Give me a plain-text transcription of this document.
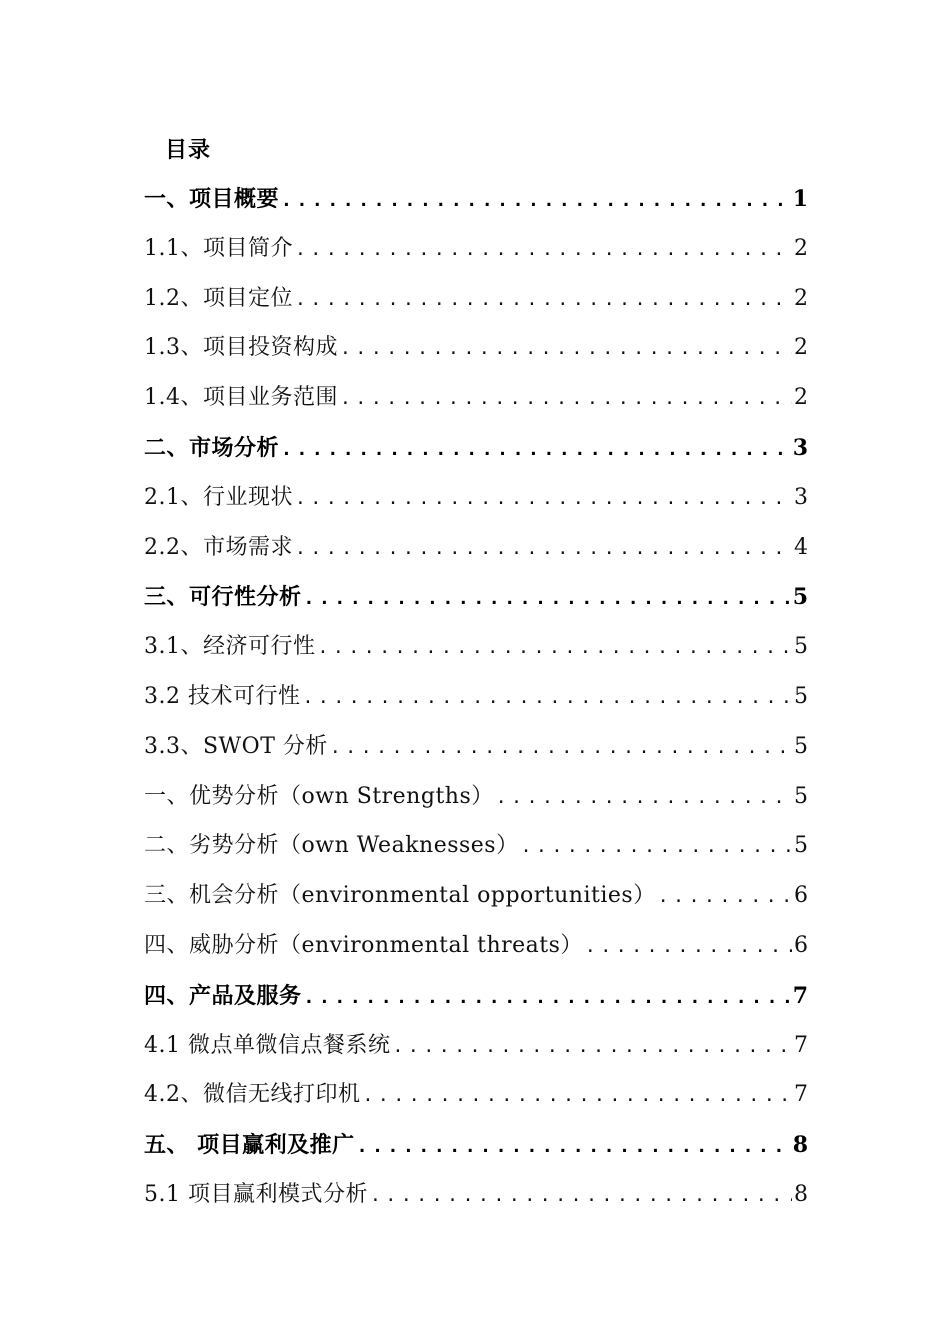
目录
一、项目概要 .....	1
1.1、项目简介 .....	2
1.2、项目定位 .....	2
1.3、项目投资构成 .....	2
1.4、项目业务范围 .....	2
二、市场分析 .....	3
2.1、行业现状 .....	3
2.2、市场需求 .....	4
三、可行性分析 .....	5
3.1、经济可行性 .....	5
3.2 技术可行性 .....	5
3.3、SWOT 分析 .....	5
一、优势分析（own Strengths） .....	5
二、劣势分析（own Weaknesses） .....	5
三、机会分析（environmental opportunities） .....	6
四、威胁分析（environmental threats） .....	6
四、产品及服务 .....	7
4.1 微点单微信点餐系统 .....	7
4.2、微信无线打印机 .....	7
五、 项目赢利及推广 .....	8
5.1 项目赢利模式分析 .....	8
